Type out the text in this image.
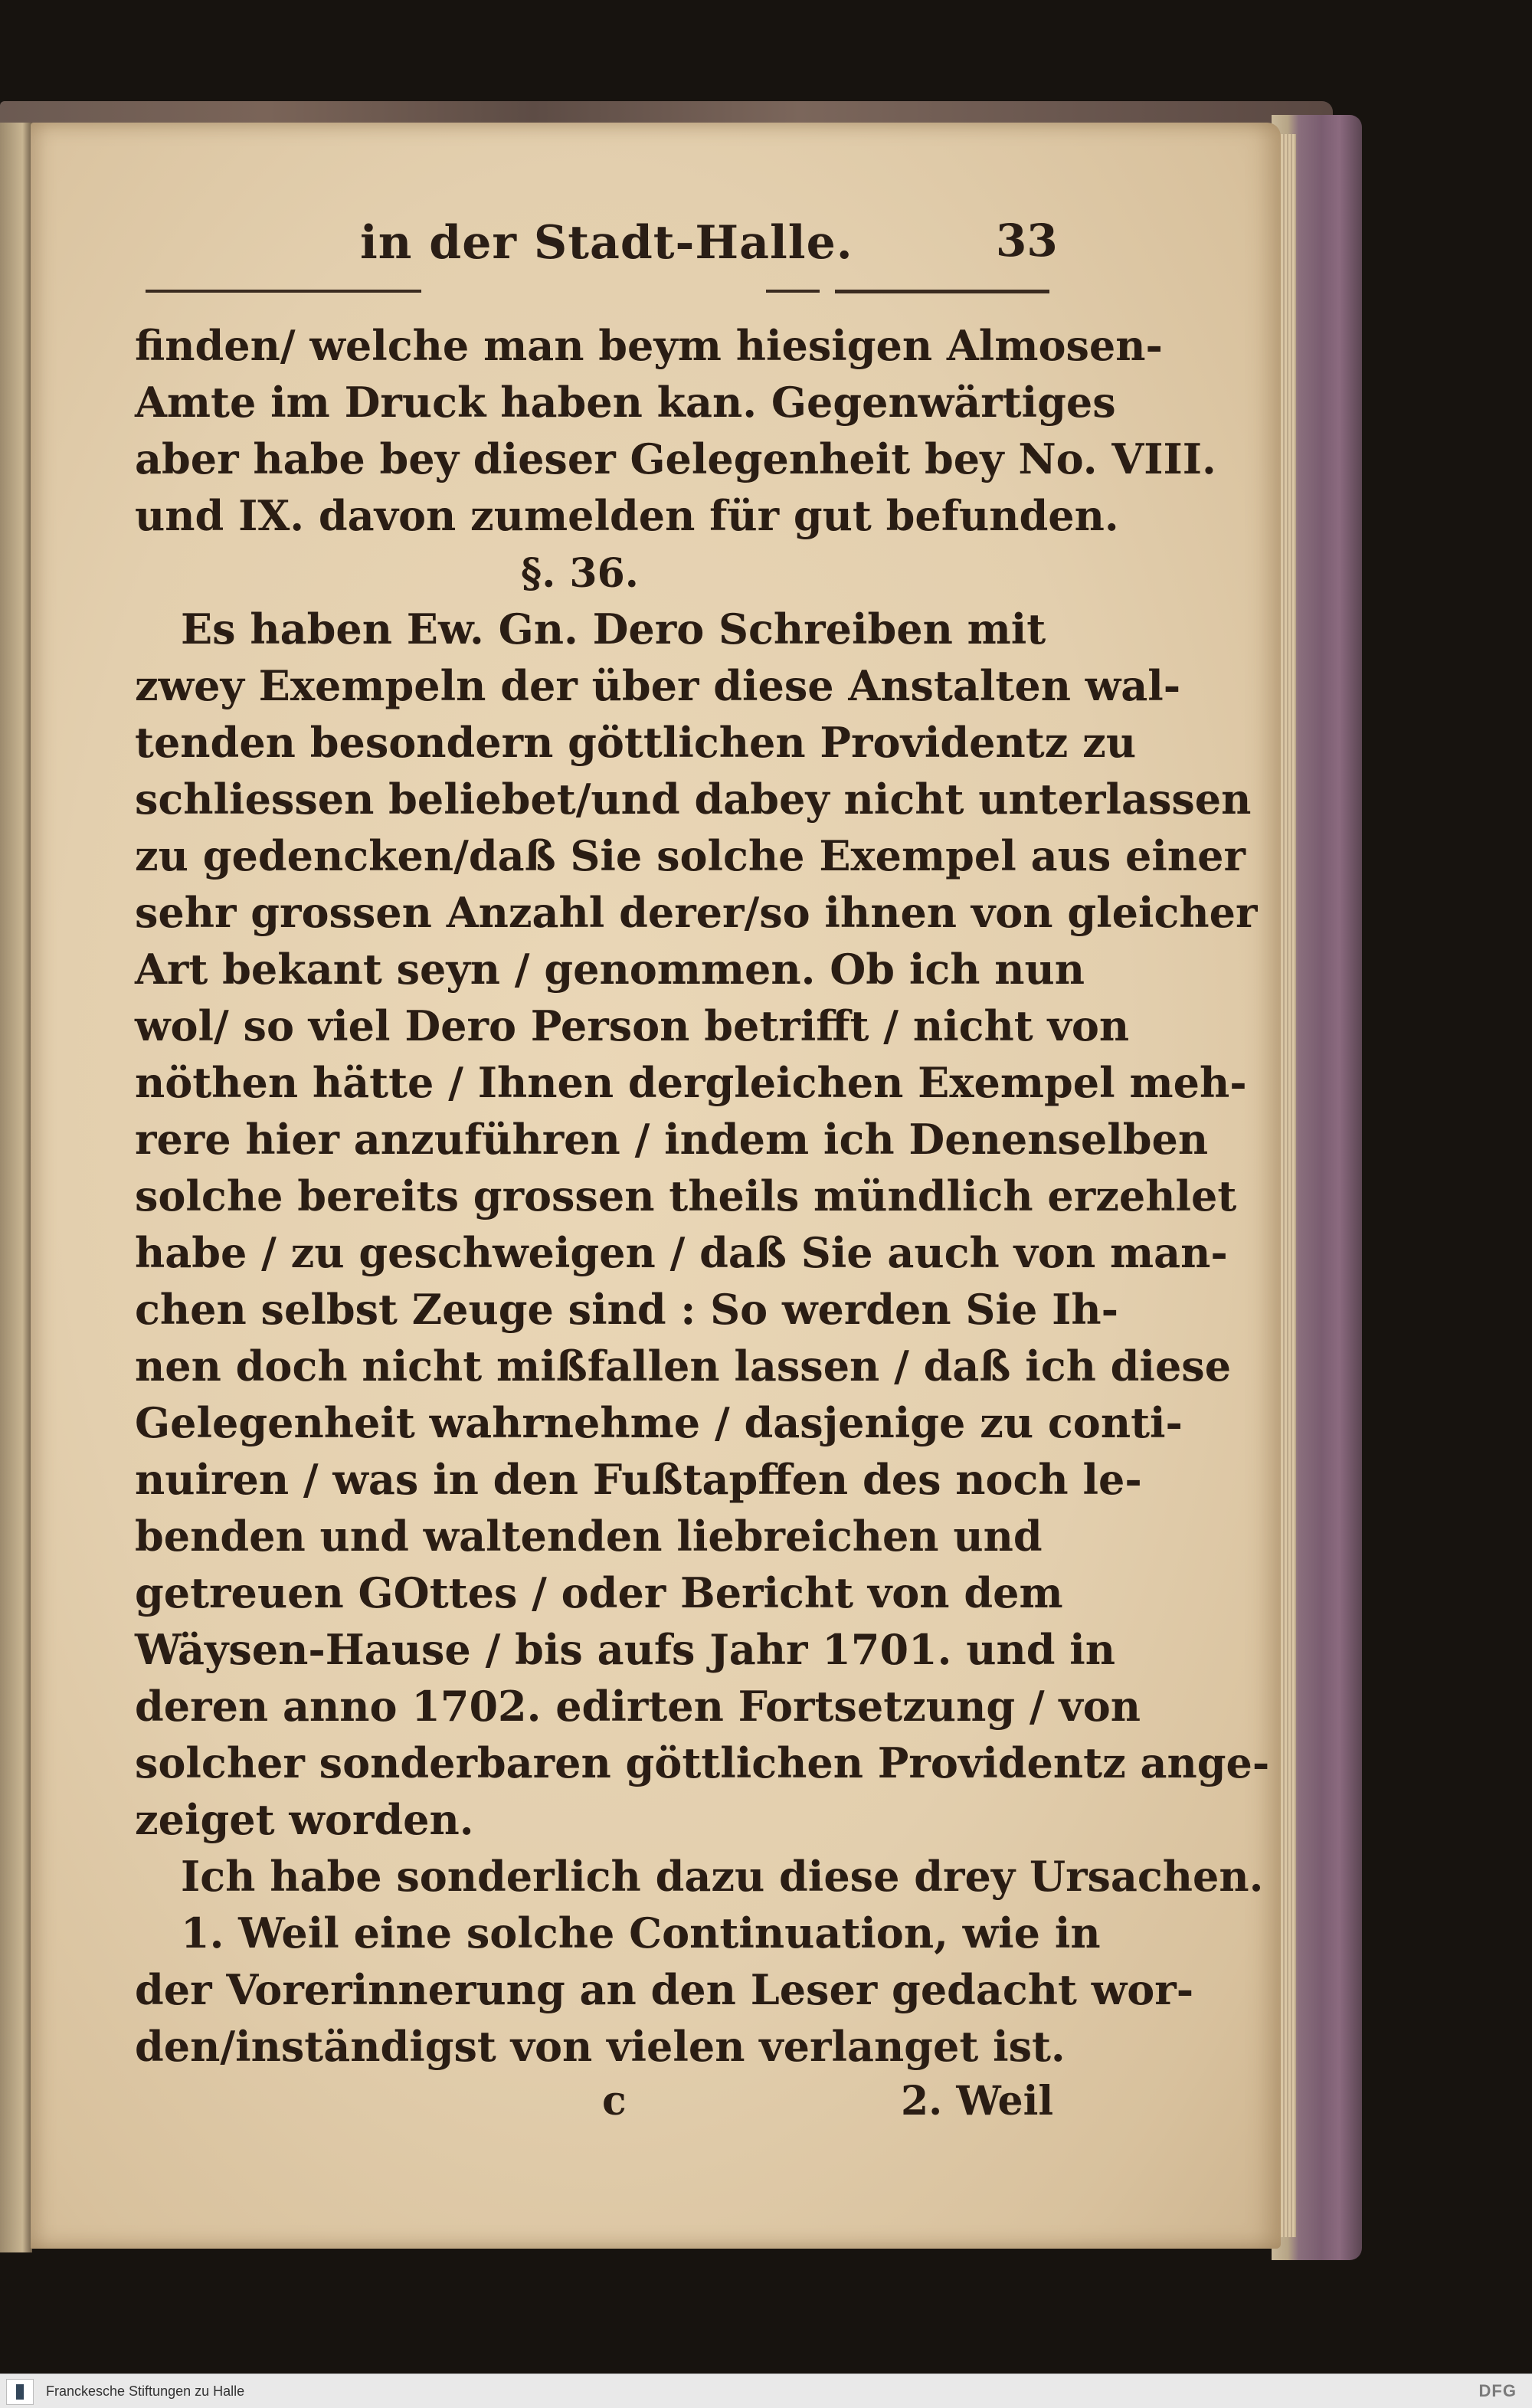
in der Stadt-Halle.	33
finden/ welche man beym hiesigen Almosen-
Amte im Druck haben kan. Gegenwärtiges
aber habe bey dieser Gelegenheit bey No. VIII.
und IX. davon zumelden für gut befunden.
§. 36.
Es haben Ew. Gn. Dero Schreiben mit
zwey Exempeln der über diese Anstalten wal-
tenden besondern göttlichen Providentz zu
schliessen beliebet/und dabey nicht unterlassen
zu gedencken/daß Sie solche Exempel aus einer
sehr grossen Anzahl derer/so ihnen von gleicher
Art bekant seyn / genommen. Ob ich nun
wol/ so viel Dero Person betrifft / nicht von
nöthen hätte / Ihnen dergleichen Exempel meh-
rere hier anzuführen / indem ich Denenselben
solche bereits grossen theils mündlich erzehlet
habe / zu geschweigen / daß Sie auch von man-
chen selbst Zeuge sind : So werden Sie Ih-
nen doch nicht mißfallen lassen / daß ich diese
Gelegenheit wahrnehme / dasjenige zu conti-
nuiren / was in den Fußtapffen des noch le-
benden und waltenden liebreichen und
getreuen GOttes / oder Bericht von dem
Wäysen-Hause / bis aufs Jahr 1701. und in
deren anno 1702. edirten Fortsetzung / von
solcher sonderbaren göttlichen Providentz ange-
zeiget worden.
Ich habe sonderlich dazu diese drey Ursachen.
1. Weil eine solche Continuation, wie in
der Vorerinnerung an den Leser gedacht wor-
den/inständigst von vielen verlanget ist.
c	2. Weil
Franckesche Stiftungen zu Halle	DFG
